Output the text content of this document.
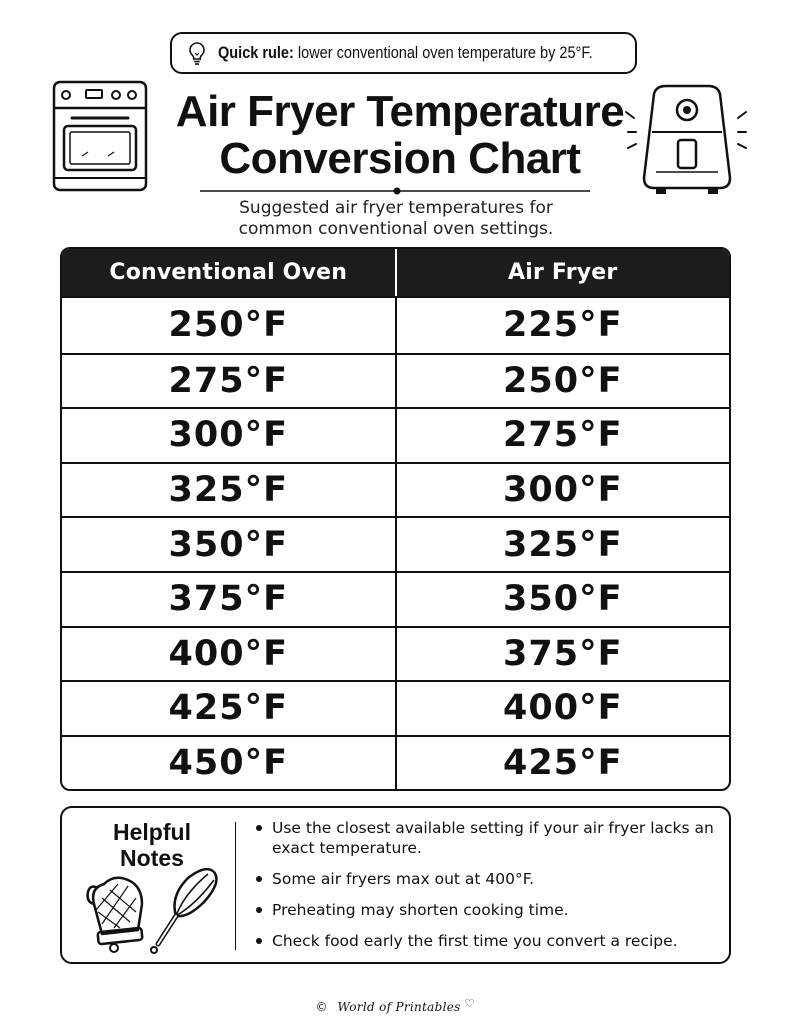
Quick rule: lower conventional oven temperature by 25°F.
Air Fryer Temperature
Conversion Chart
Suggested air fryer temperatures for
common conventional oven settings.
Conventional Oven	Air Fryer
250°F	225°F
275°F	250°F
300°F	275°F
325°F	300°F
350°F	325°F
375°F	350°F
400°F	375°F
425°F	400°F
450°F	425°F
Helpful
Notes
Use the closest available setting if your air fryer lacks an exact temperature.
Some air fryers max out at 400°F.
Preheating may shorten cooking time.
Check food early the first time you convert a recipe.
© World of Printables ♡
